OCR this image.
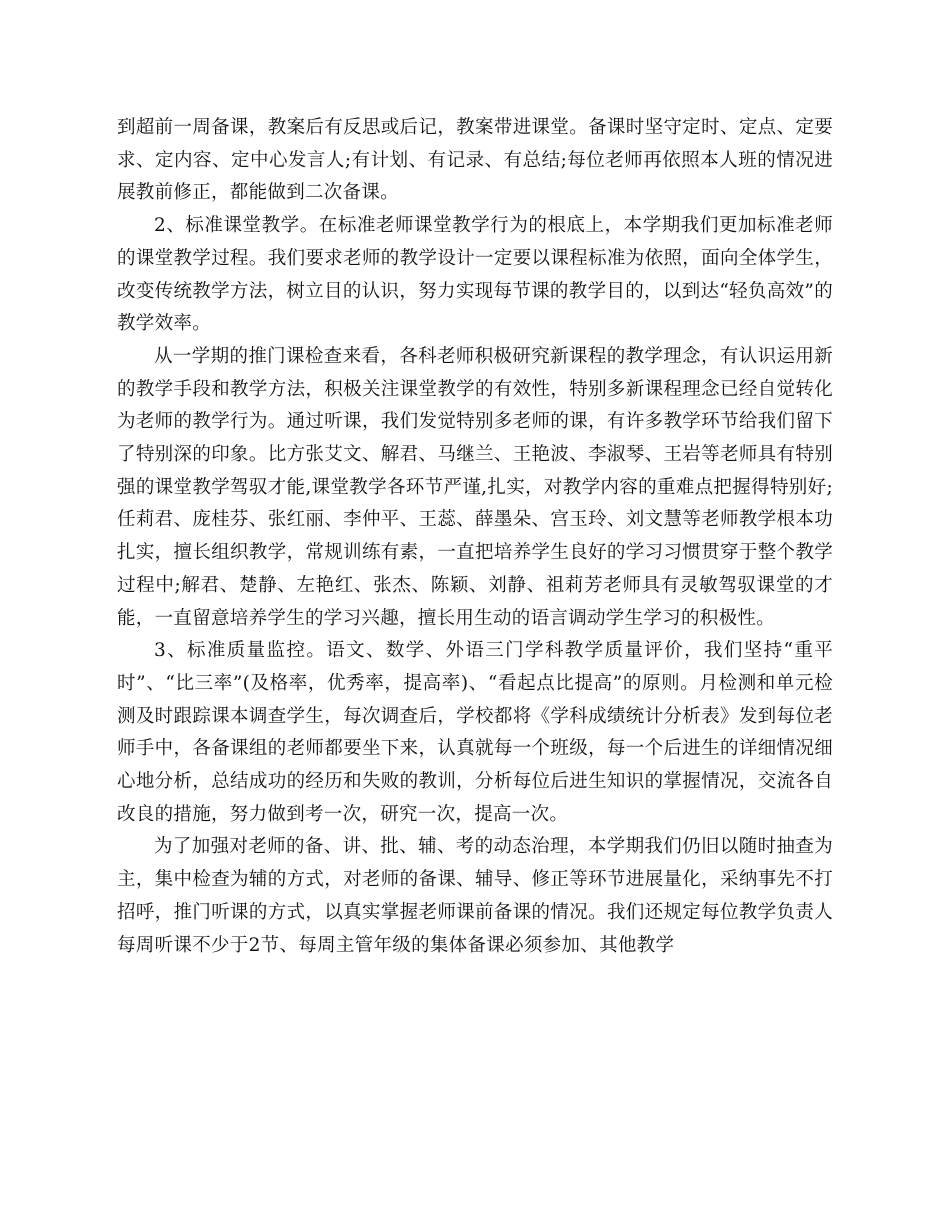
到超前一周备课，教案后有反思或后记，教案带进课堂。备课时坚守定时、定点、定要求、定内容、定中心发言人;有计划、有记录、有总结;每位老师再依照本人班的情况进展教前修正，都能做到二次备课。

2、标准课堂教学。在标准老师课堂教学行为的根底上，本学期我们更加标准老师的课堂教学过程。我们要求老师的教学设计一定要以课程标准为依照，面向全体学生，改变传统教学方法，树立目的认识，努力实现每节课的教学目的，以到达“轻负高效”的教学效率。

从一学期的推门课检查来看，各科老师积极研究新课程的教学理念，有认识运用新的教学手段和教学方法，积极关注课堂教学的有效性，特别多新课程理念已经自觉转化为老师的教学行为。通过听课，我们发觉特别多老师的课，有许多教学环节给我们留下了特别深的印象。比方张艾文、解君、马继兰、王艳波、李淑琴、王岩等老师具有特别强的课堂教学驾驭才能,课堂教学各环节严谨,扎实，对教学内容的重难点把握得特别好;任莉君、庞桂芬、张红丽、李仲平、王蕊、薛墨朵、宫玉玲、刘文慧等老师教学根本功扎实，擅长组织教学，常规训练有素，一直把培养学生良好的学习习惯贯穿于整个教学过程中;解君、楚静、左艳红、张杰、陈颖、刘静、祖莉芳老师具有灵敏驾驭课堂的才能，一直留意培养学生的学习兴趣，擅长用生动的语言调动学生学习的积极性。

3、标准质量监控。语文、数学、外语三门学科教学质量评价，我们坚持“重平时”、“比三率”(及格率，优秀率，提高率)、“看起点比提高”的原则。月检测和单元检测及时跟踪课本调查学生，每次调查后，学校都将《学科成绩统计分析表》发到每位老师手中，各备课组的老师都要坐下来，认真就每一个班级，每一个后进生的详细情况细心地分析，总结成功的经历和失败的教训，分析每位后进生知识的掌握情况，交流各自改良的措施，努力做到考一次，研究一次，提高一次。

为了加强对老师的备、讲、批、辅、考的动态治理，本学期我们仍旧以随时抽查为主，集中检查为辅的方式，对老师的备课、辅导、修正等环节进展量化，采纳事先不打招呼，推门听课的方式，以真实掌握老师课前备课的情况。我们还规定每位教学负责人每周听课不少于2节、每周主管年级的集体备课必须参加、其他教学
